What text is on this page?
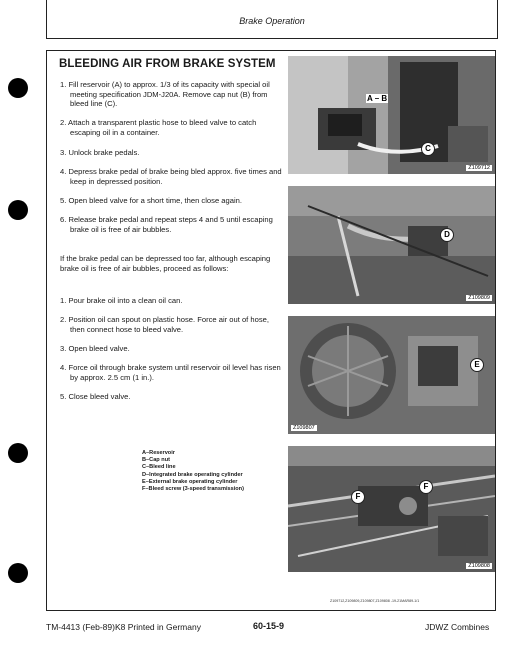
Brake Operation
BLEEDING AIR FROM BRAKE SYSTEM

1. Fill reservoir (A) to approx. 1/3 of its capacity with special oil meeting specification JDM-J20A. Remove cap nut (B) from bleed line (C).

2. Attach a transparent plastic hose to bleed valve to catch escaping oil in a container.

3. Unlock brake pedals.

4. Depress brake pedal of brake being bled approx. five times and keep in depressed position.

5. Open bleed valve for a short time, then close again.

6. Release brake pedal and repeat steps 4 and 5 until escaping brake oil is free of air bubbles.

If the brake pedal can be depressed too far, although escaping brake oil is free of air bubbles, proceed as follows:

1. Pour brake oil into a clean oil can.

2. Position oil can spout on plastic hose. Force air out of hose, then connect hose to bleed valve.

3. Open bleed valve.

4. Force oil through brake system until reservoir oil level has risen by approx. 2.5 cm (1 in.).

5. Close bleed valve.

A–Reservoir
B–Cap nut
C–Bleed line
D–Integrated brake operating cylinder
E–External brake operating cylinder
F–Bleed screw (3-speed transmission)
A – B
C
Z109712
D
Z109809
E
Z109807
F
F
Z109808
Z109712,Z109809,Z109807,Z109808 -19-21MAR89-1/1
TM-4413 (Feb-89)K8 Printed in Germany	60-15-9	JDWZ Combines
